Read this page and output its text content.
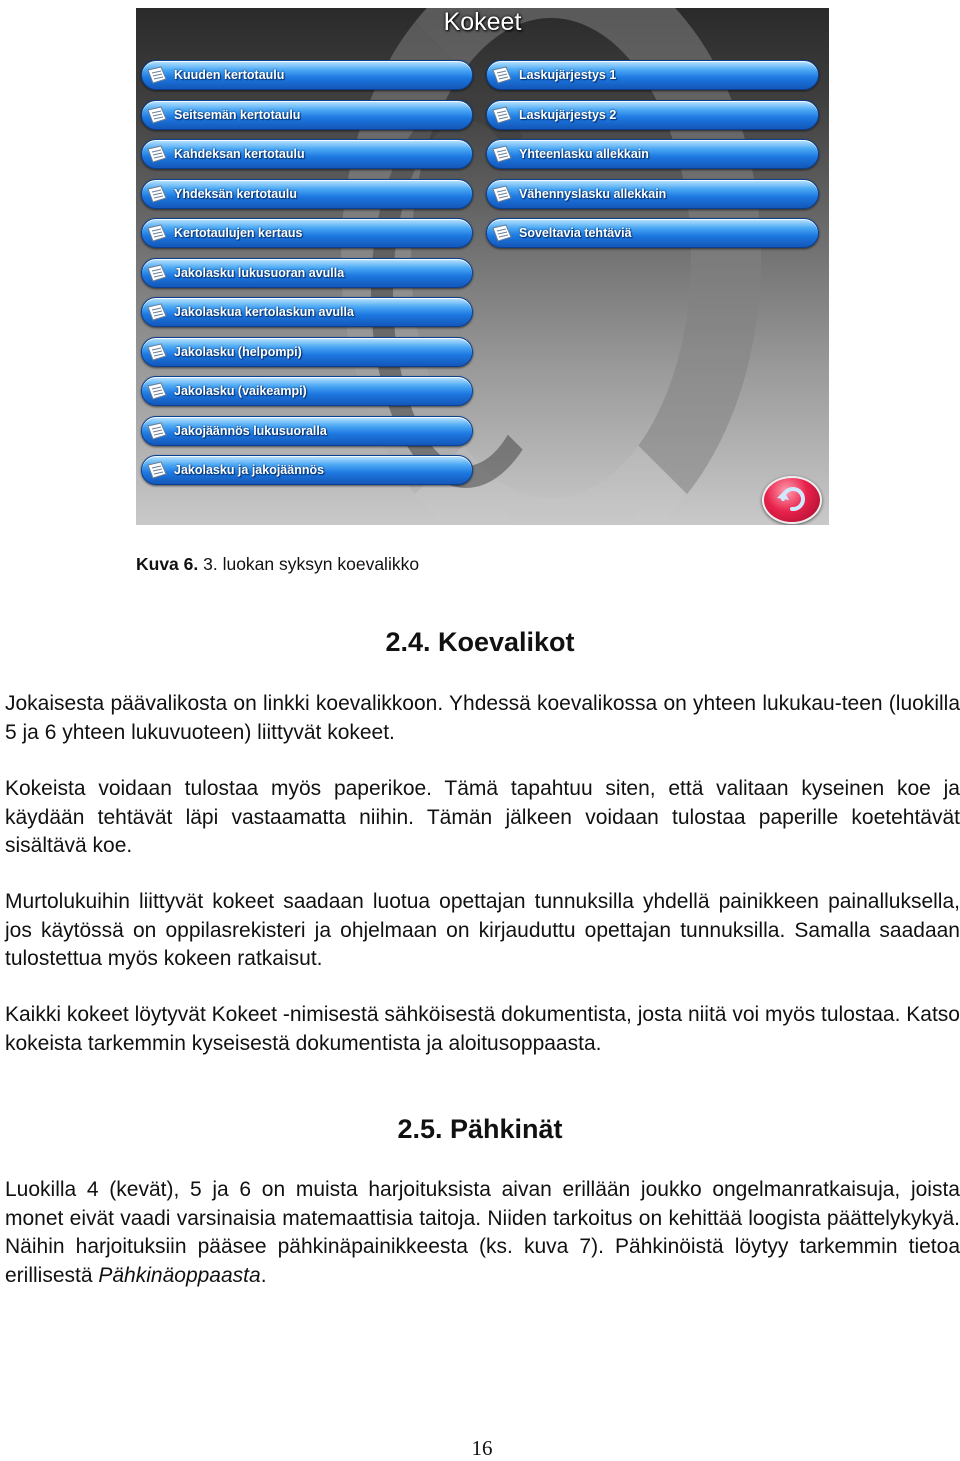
Kokeet
Kuuden kertotaulu
Seitsemän kertotaulu
Kahdeksan kertotaulu
Yhdeksän kertotaulu
Kertotaulujen kertaus
Jakolasku lukusuoran avulla
Jakolaskua kertolaskun avulla
Jakolasku (helpompi)
Jakolasku (vaikeampi)
Jakojäännös lukusuoralla
Jakolasku ja jakojäännös
Laskujärjestys 1
Laskujärjestys 2
Yhteenlasku allekkain
Vähennyslasku allekkain
Soveltavia tehtäviä
Kuva 6. 3. luokan syksyn koevalikko
2.4. Koevalikot
Jokaisesta päävalikosta on linkki koevalikkoon. Yhdessä koevalikossa on yhteen lukukau-teen (luokilla 5 ja 6 yhteen lukuvuoteen) liittyvät kokeet.
Kokeista voidaan tulostaa myös paperikoe. Tämä tapahtuu siten, että valitaan kyseinen koe ja käydään tehtävät läpi vastaamatta niihin. Tämän jälkeen voidaan tulostaa paperille koetehtävät sisältävä koe.
Murtolukuihin liittyvät kokeet saadaan luotua opettajan tunnuksilla yhdellä painikkeen painalluksella, jos käytössä on oppilasrekisteri ja ohjelmaan on kirjauduttu opettajan tunnuksilla. Samalla saadaan tulostettua myös kokeen ratkaisut.
Kaikki kokeet löytyvät Kokeet -nimisestä sähköisestä dokumentista, josta niitä voi myös tulostaa. Katso kokeista tarkemmin kyseisestä dokumentista ja aloitusoppaasta.
2.5. Pähkinät
Luokilla 4 (kevät), 5 ja 6 on muista harjoituksista aivan erillään joukko ongelmanratkaisuja, joista monet eivät vaadi varsinaisia matemaattisia taitoja. Niiden tarkoitus on kehittää loogista päättelykykyä. Näihin harjoituksiin pääsee pähkinäpainikkeesta (ks. kuva 7). Pähkinöistä löytyy tarkemmin tietoa erillisestä Pähkinäoppaasta.
16
